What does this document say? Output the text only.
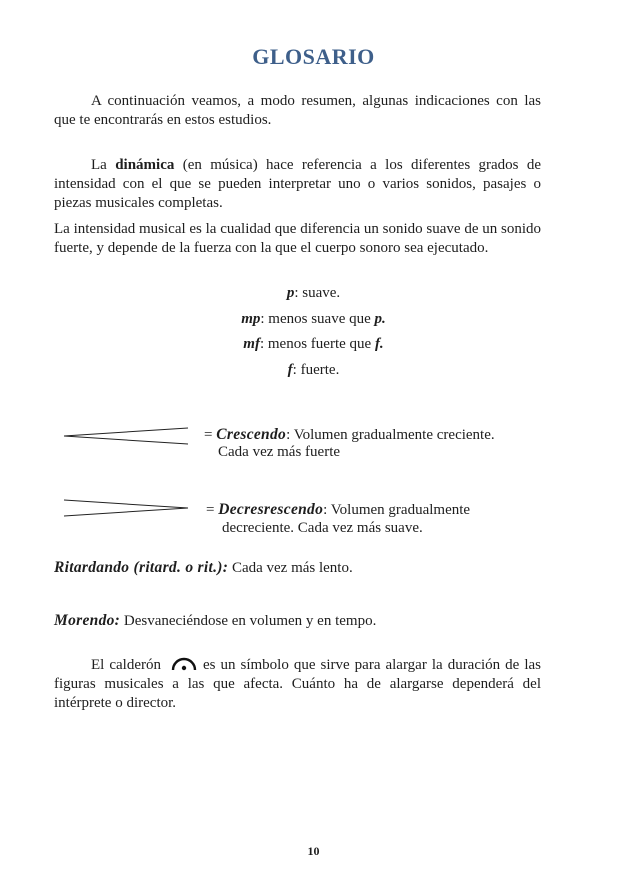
GLOSARIO
A continuación veamos, a modo resumen, algunas indicaciones con las que te encontrarás en estos estudios.
La dinámica (en música) hace referencia a los diferentes grados de intensidad con el que se pueden interpretar uno o varios sonidos, pasajes o piezas musicales completas.
La intensidad musical es la cualidad que diferencia un sonido suave de un sonido fuerte, y depende de la fuerza con la que el cuerpo sonoro sea ejecutado.
p: suave.
mp: menos suave que p.
mf: menos fuerte que f.
f: fuerte.
= Crescendo: Volumen gradualmente creciente.
Cada vez más fuerte
= Decresrescendo: Volumen gradualmente
decreciente. Cada vez más suave.
Ritardando (ritard. o rit.): Cada vez más lento.
Morendo: Desvaneciéndose en volumen y en tempo.
El calderón	es un símbolo que sirve para alargar la duración de las figuras musicales a las que afecta. Cuánto ha de alargarse dependerá del intérprete o director.
10
